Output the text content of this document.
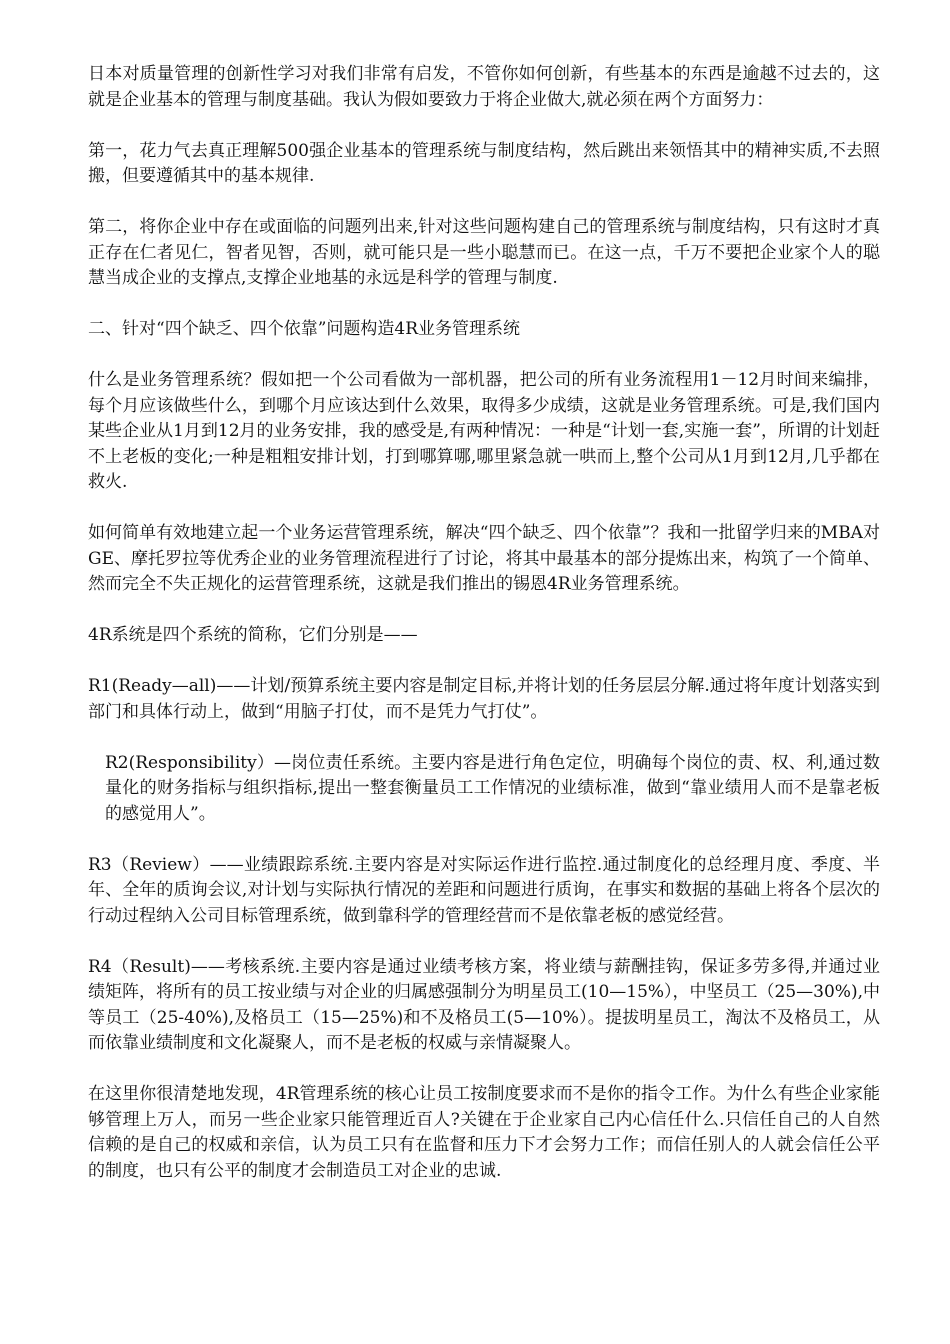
日本对质量管理的创新性学习对我们非常有启发，不管你如何创新，有些基本的东西是逾越不过去的，这就是企业基本的管理与制度基础。我认为假如要致力于将企业做大,就必须在两个方面努力：

第一，花力气去真正理解500强企业基本的管理系统与制度结构，然后跳出来领悟其中的精神实质,不去照搬，但要遵循其中的基本规律.

第二，将你企业中存在或面临的问题列出来,针对这些问题构建自己的管理系统与制度结构，只有这时才真正存在仁者见仁，智者见智，否则，就可能只是一些小聪慧而已。在这一点，千万不要把企业家个人的聪慧当成企业的支撑点,支撑企业地基的永远是科学的管理与制度.

二、针对“四个缺乏、四个依靠”问题构造4R业务管理系统

什么是业务管理系统？假如把一个公司看做为一部机器，把公司的所有业务流程用1－12月时间来编排，每个月应该做些什么，到哪个月应该达到什么效果，取得多少成绩，这就是业务管理系统。可是,我们国内某些企业从1月到12月的业务安排，我的感受是,有两种情况：一种是“计划一套,实施一套”，所谓的计划赶不上老板的变化;一种是粗粗安排计划，打到哪算哪,哪里紧急就一哄而上,整个公司从1月到12月,几乎都在救火.

如何简单有效地建立起一个业务运营管理系统，解决“四个缺乏、四个依靠”？我和一批留学归来的MBA对GE、摩托罗拉等优秀企业的业务管理流程进行了讨论，将其中最基本的部分提炼出来，构筑了一个简单、然而完全不失正规化的运营管理系统，这就是我们推出的锡恩4R业务管理系统。

4R系统是四个系统的简称，它们分别是——

R1(Ready—all)——计划/预算系统主要内容是制定目标,并将计划的任务层层分解.通过将年度计划落实到部门和具体行动上，做到“用脑子打仗，而不是凭力气打仗”。

R2(Responsibility）—岗位责任系统。主要内容是进行角色定位，明确每个岗位的责、权、利,通过数量化的财务指标与组织指标,提出一整套衡量员工工作情况的业绩标准，做到“靠业绩用人而不是靠老板的感觉用人”。

R3（Review）——业绩跟踪系统.主要内容是对实际运作进行监控.通过制度化的总经理月度、季度、半年、全年的质询会议,对计划与实际执行情况的差距和问题进行质询，在事实和数据的基础上将各个层次的行动过程纳入公司目标管理系统，做到靠科学的管理经营而不是依靠老板的感觉经营。

R4（Result)——考核系统.主要内容是通过业绩考核方案，将业绩与薪酬挂钩，保证多劳多得,并通过业绩矩阵，将所有的员工按业绩与对企业的归属感强制分为明星员工(10—15%），中坚员工（25—30%),中等员工（25-40%),及格员工（15—25%)和不及格员工(5—10%）。提拔明星员工，淘汰不及格员工，从而依靠业绩制度和文化凝聚人，而不是老板的权威与亲情凝聚人。

在这里你很清楚地发现，4R管理系统的核心让员工按制度要求而不是你的指令工作。为什么有些企业家能够管理上万人，而另一些企业家只能管理近百人?关键在于企业家自己内心信任什么.只信任自己的人自然信赖的是自己的权威和亲信，认为员工只有在监督和压力下才会努力工作；而信任别人的人就会信任公平的制度，也只有公平的制度才会制造员工对企业的忠诚.
